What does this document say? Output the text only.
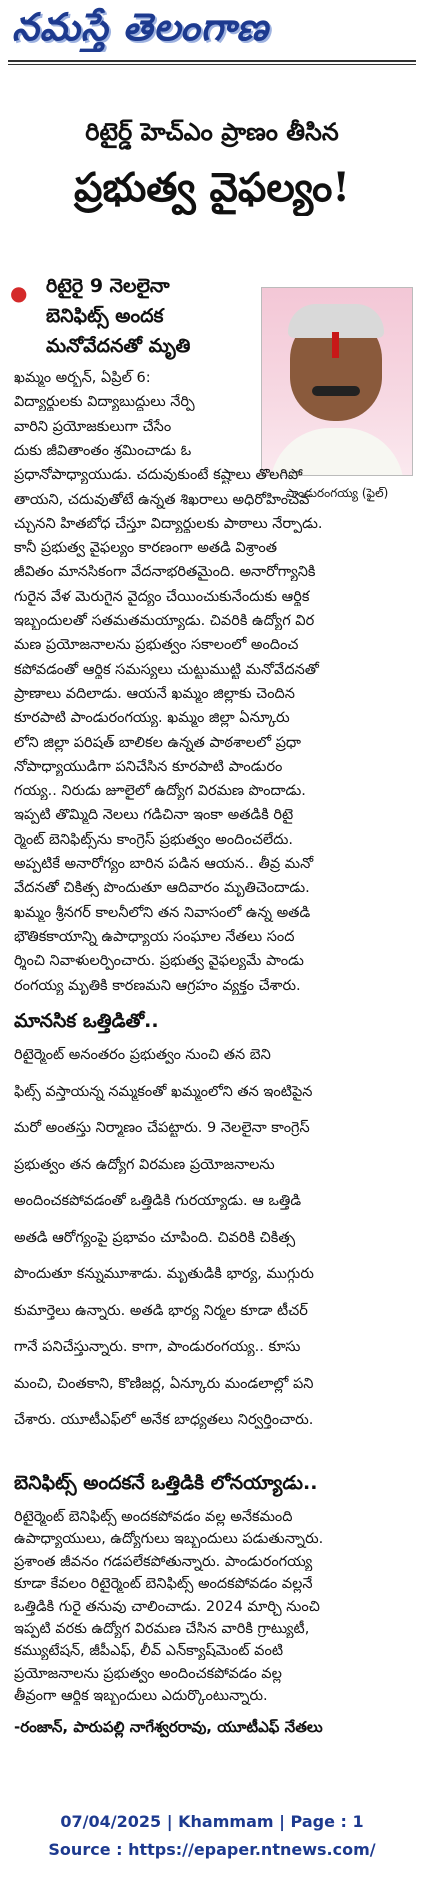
నమస్తే తెలంగాణ
రిటైర్డ్ హెచ్ఎం ప్రాణం తీసిన
ప్రభుత్వ వైఫల్యం!
● రిటైరై 9 నెలలైనా
బెనిఫిట్స్ అందక
మనోవేదనతో మృతి
పాండురంగయ్య (ఫైల్)
ఖమ్మం అర్బన్, ఏప్రిల్ 6:
విద్యార్థులకు విద్యాబుద్ధులు నేర్పి
వారిని ప్రయోజకులుగా చేసేం
దుకు జీవితాంతం శ్రమించాడు ఓ
ప్రధానోపాధ్యాయుడు. చదువుకుంటే కష్టాలు తొలగిపో
తాయని, చదువుతోటే ఉన్నత శిఖరాలు అధిరోహించవ
చ్చునని హితబోధ చేస్తూ విద్యార్థులకు పాఠాలు నేర్పాడు.
కానీ ప్రభుత్వ వైఫల్యం కారణంగా అతడి విశ్రాంత
జీవితం మానసికంగా వేదనాభరితమైంది. అనారోగ్యానికి
గురైన వేళ మెరుగైన వైద్యం చేయించుకునేందుకు ఆర్థిక
ఇబ్బందులతో సతమతమయ్యాడు. చివరికి ఉద్యోగ విర
మణ ప్రయోజనాలను ప్రభుత్వం సకాలంలో అందించ
కపోవడంతో ఆర్థిక సమస్యలు చుట్టుముట్టి మనోవేదనతో
ప్రాణాలు వదిలాడు. ఆయనే ఖమ్మం జిల్లాకు చెందిన
కూరపాటి పాండురంగయ్య. ఖమ్మం జిల్లా ఏన్కూరు
లోని జిల్లా పరిషత్ బాలికల ఉన్నత పాఠశాలలో ప్రధా
నోపాధ్యాయుడిగా పనిచేసిన కూరపాటి పాండురం
గయ్య.. నిరుడు జూలైలో ఉద్యోగ విరమణ పొందాడు.
ఇప్పటి తొమ్మిది నెలలు గడిచినా ఇంకా అతడికి రిటై
ర్మెంట్ బెనిఫిట్స్‌ను కాంగ్రెస్ ప్రభుత్వం అందించలేదు.
అప్పటికే అనారోగ్యం బారిన పడిన ఆయన.. తీవ్ర మనో
వేదనతో చికిత్స పొందుతూ ఆదివారం మృతిచెందాడు.
ఖమ్మం శ్రీనగర్ కాలనీలోని తన నివాసంలో ఉన్న అతడి
భౌతికకాయాన్ని ఉపాధ్యాయ సంఘాల నేతలు సంద
ర్శించి నివాళులర్పించారు. ప్రభుత్వ వైఫల్యమే పాండు
రంగయ్య మృతికి కారణమని ఆగ్రహం వ్యక్తం చేశారు.
మానసిక ఒత్తిడితో..
రిటైర్మెంట్ అనంతరం ప్రభుత్వం నుంచి తన బెని
ఫిట్స్ వస్తాయన్న నమ్మకంతో ఖమ్మంలోని తన ఇంటిపైన
మరో అంతస్తు నిర్మాణం చేపట్టారు. 9 నెలలైనా కాంగ్రెస్
ప్రభుత్వం తన ఉద్యోగ విరమణ ప్రయోజనాలను
అందించకపోవడంతో ఒత్తిడికి గురయ్యాడు. ఆ ఒత్తిడి
అతడి ఆరోగ్యంపై ప్రభావం చూపింది. చివరికి చికిత్స
పొందుతూ కన్నుమూశాడు. మృతుడికి భార్య, ముగ్గురు
కుమార్తెలు ఉన్నారు. అతడి భార్య నిర్మల కూడా టీచర్
గానే పనిచేస్తున్నారు. కాగా, పాండురంగయ్య.. కూసు
మంచి, చింతకాని, కొణిజర్ల, ఏన్కూరు మండలాల్లో పని
చేశారు. యూటీఎఫ్‌లో అనేక బాధ్యతలు నిర్వర్తించారు.
బెనిఫిట్స్ అందకనే ఒత్తిడికి లోనయ్యాడు..
రిటైర్మెంట్ బెనిఫిట్స్ అందకపోవడం వల్ల అనేకమంది
ఉపాధ్యాయులు, ఉద్యోగులు ఇబ్బందులు పడుతున్నారు.
ప్రశాంత జీవనం గడపలేకపోతున్నారు. పాండురంగయ్య
కూడా కేవలం రిటైర్మెంట్ బెనిఫిట్స్ అందకపోవడం వల్లనే
ఒత్తిడికి గురై తనువు చాలించాడు. 2024 మార్చి నుంచి
ఇప్పటి వరకు ఉద్యోగ విరమణ చేసిన వారికి గ్రాట్యుటీ,
కమ్యుటేషన్, జీపీఎఫ్, లీవ్ ఎన్‌క్యాష్‌మెంట్ వంటి
ప్రయోజనాలను ప్రభుత్వం అందించకపోవడం వల్ల
తీవ్రంగా ఆర్థిక ఇబ్బందులు ఎదుర్కొంటున్నారు.
-రంజాన్, పారుపల్లి నాగేశ్వరరావు, యూటీఎఫ్ నేతలు
07/04/2025 | Khammam | Page : 1
Source : https://epaper.ntnews.com/
